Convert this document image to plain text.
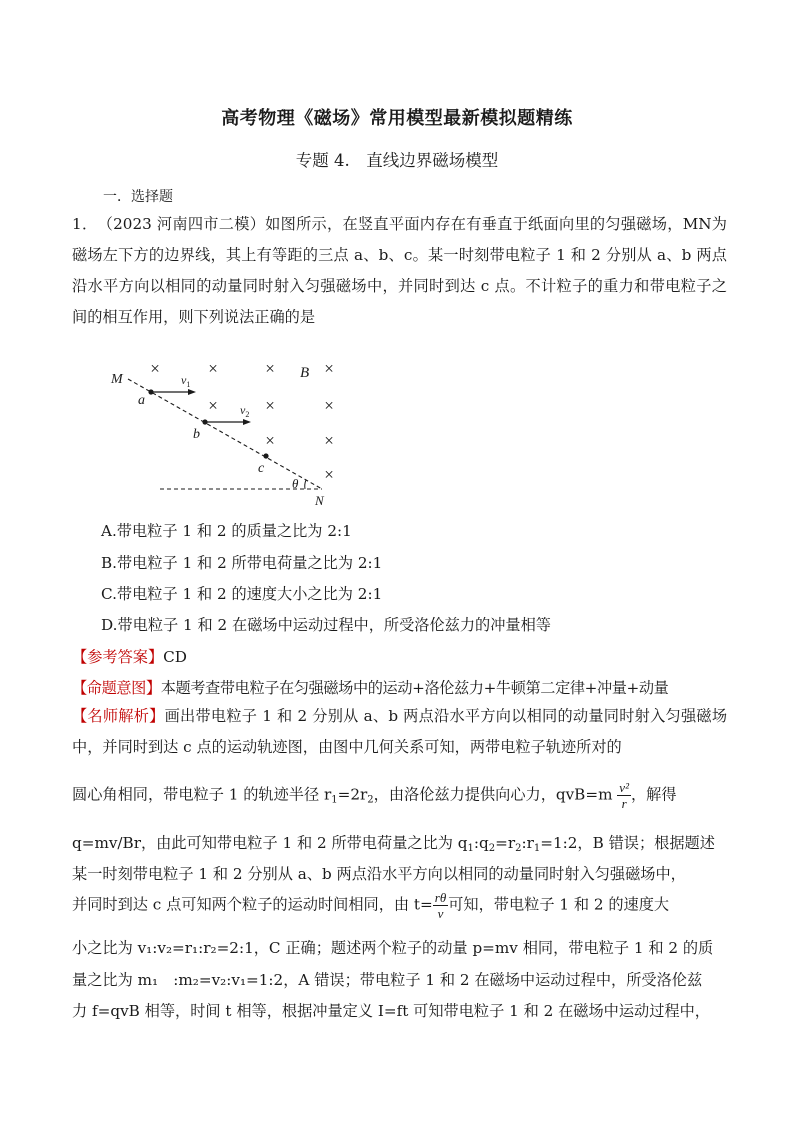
高考物理《磁场》常用模型最新模拟题精练
专题 4.　直线边界磁场模型
一．选择题

1．　 （2023 河南四市二模）如图所示，在竖直平面内存在有垂直于纸面向里的匀强磁场，MN为磁场左下方的边界线，其上有等距的三点 a、b、c。某一时刻带电粒子 1 和 2 分别从 a、b 两点沿水平方向以相同的动量同时射入匀强磁场中，并同时到达 c 点。不计粒子的重力和带电粒子之间的相互作用，则下列说法正确的是

×	×	×	×
×	×	×
×	×
×
M
a
b
c
B
N
θ
$v_1$
$v_2$
A.带电粒子 1 和 2 的质量之比为 2:1
B.带电粒子 1 和 2 所带电荷量之比为 2:1
C.带电粒子 1 和 2 的速度大小之比为 2:1
D.带电粒子 1 和 2 在磁场中运动过程中，所受洛伦兹力的冲量相等
【参考答案】CD
【命题意图】本题考查带电粒子在匀强磁场中的运动+洛伦兹力+牛顿第二定律+冲量+动量

【名师解析】画出带电粒子 1 和 2 分别从 a、b 两点沿水平方向以相同的动量同时射入匀强磁场中，并同时到达 c 点的运动轨迹图，由图中几何关系可知，两带电粒子轨迹所对的

圆心角相同，带电粒子 1 的轨迹半径 $r_1=2r_2$，由洛伦兹力提供向心力，$qvB=m \frac{\text{v²}}{r}$ ，解得
q=mv/Br，由此可知带电粒子 1 和 2 所带电荷量之比为 $q_1:q_2=r_2:r_1=1:2$，B 错误；根据题述
某一时刻带电粒子 1 和 2 分别从 a、b 两点沿水平方向以相同的动量同时射入匀强磁场中，
并同时到达 c 点可知两个粒子的运动时间相同，由 $t= \frac{r\theta}{v}$ 可知，带电粒子 1 和 2 的速度大
小之比为 v₁:v₂=r₁:r₂=2:1，C 正确；题述两个粒子的动量 p=mv 相同，带电粒子 1 和 2 的质
量之比为 m₁　:m₂=v₂:v₁=1:2，A 错误；带电粒子 1 和 2 在磁场中运动过程中，所受洛伦兹
力 f=qvB 相等，时间 t 相等，根据冲量定义 I=ft 可知带电粒子 1 和 2 在磁场中运动过程中，
